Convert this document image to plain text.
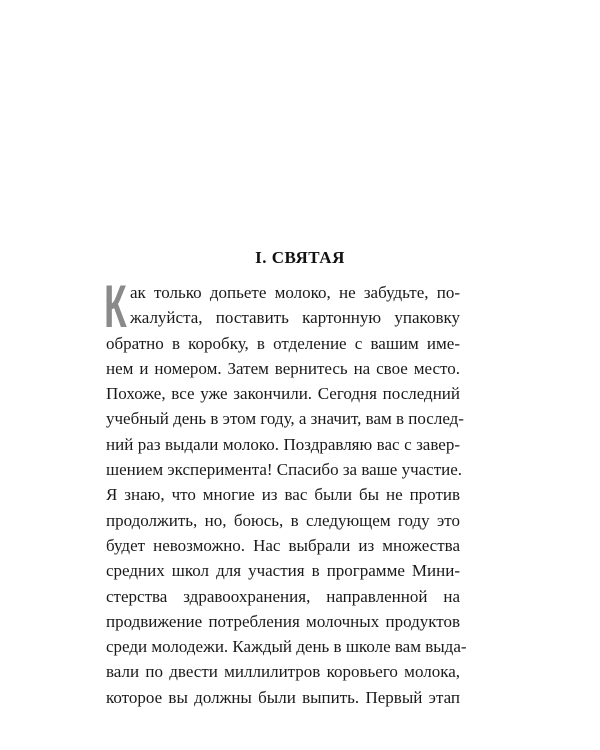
I. СВЯТАЯ
К ак только допьете молоко, не забудьте, по-
жалуйста, поставить картонную упаковку
обратно в коробку, в отделение с вашим име-
нем и номером. Затем вернитесь на свое место.
Похоже, все уже закончили. Сегодня последний
учебный день в этом году, а значит, вам в послед-
ний раз выдали молоко. Поздравляю вас с завер-
шением эксперимента! Спасибо за ваше участие.
Я знаю, что многие из вас были бы не против
продолжить, но, боюсь, в следующем году это
будет невозможно. Нас выбрали из множества
средних школ для участия в программе Мини-
стерства здравоохранения, направленной на
продвижение потребления молочных продуктов
среди молодежи. Каждый день в школе вам выда-
вали по двести миллилитров коровьего молока,
которое вы должны были выпить. Первый этап
